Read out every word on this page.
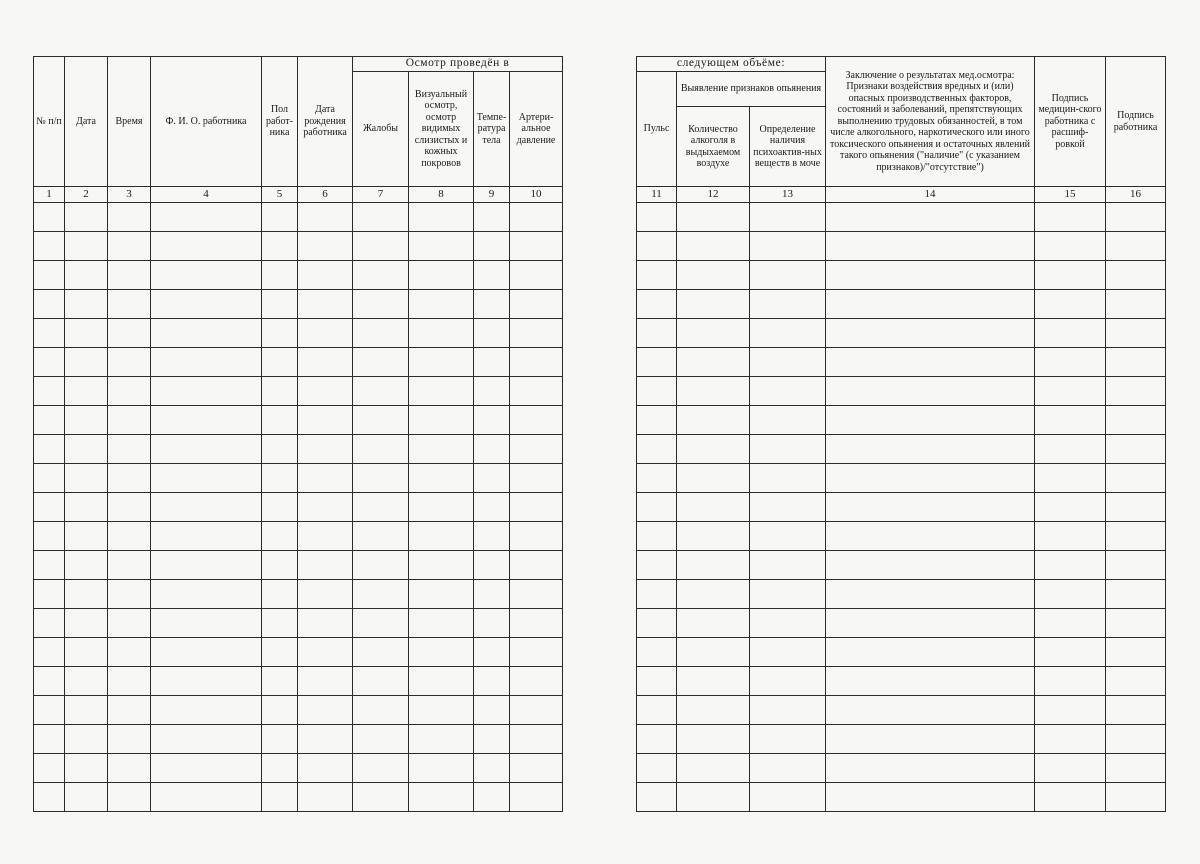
№ п/п	Дата	Время	Ф. И. О. работника	Пол работ-ника	Дата рождения работника	Осмотр проведён в			
						Жалобы	Визуальный осмотр, осмотр видимых слизистых и кожных покровов	Темпе-ратура тела	Артери-альное давление
1	2	3	4	5	6	7	8	9	10

следующем объёме:			Заключение о результатах мед.осмотра: Признаки воздействия вредных и (или) опасных производственных факторов, состояний и заболеваний, препятствующих выполнению трудовых обязанностей, в том числе алкогольного, наркотического или иного токсического опьянения и остаточных явлений такого опьянения ("наличие" (с указанием признаков)/"отсутствие")	Подпись медицин-ского работника с расшиф-ровкой	Подпись работника
Пульс	Выявление признаков опьянения				
	Количество алкоголя в выдыхаемом воздухе	Определение наличия психоактив-ных веществ в моче			
11	12	13	14	15	16
